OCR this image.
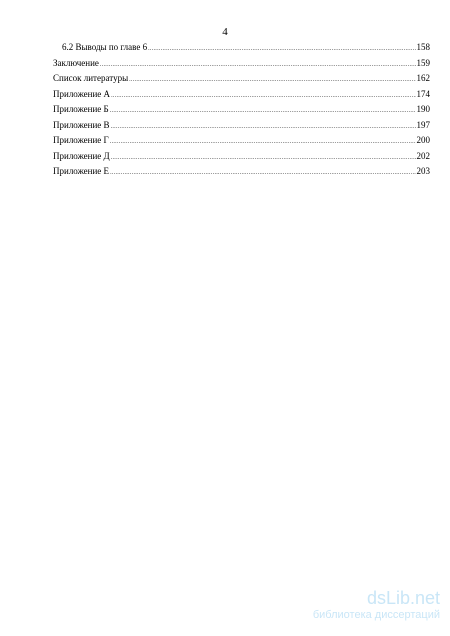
4
6.2 Выводы по главе 6 .....	158
Заключение .....	159
Список литературы .....	162
Приложение А .....	174
Приложение Б .....	190
Приложение В .....	197
Приложение Г .....	200
Приложение Д .....	202
Приложение Е .....	203
dsLib.net
библиотека диссертаций
